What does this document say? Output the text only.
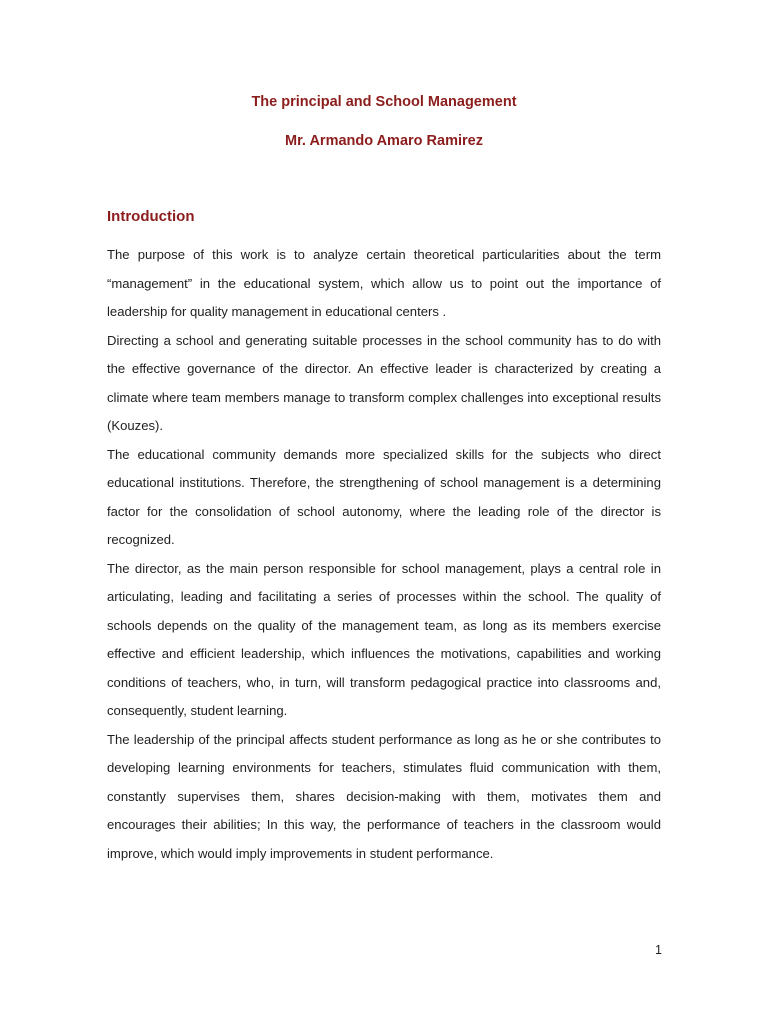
The principal and School Management
Mr. Armando Amaro Ramirez
Introduction

The purpose of this work is to analyze certain theoretical particularities about the term “management” in the educational system, which allow us to point out the importance of leadership for quality management in educational centers .

Directing a school and generating suitable processes in the school community has to do with the effective governance of the director. An effective leader is characterized by creating a climate where team members manage to transform complex challenges into exceptional results (Kouzes).

The educational community demands more specialized skills for the subjects who direct educational institutions. Therefore, the strengthening of school management is a determining factor for the consolidation of school autonomy, where the leading role of the director is recognized.

The director, as the main person responsible for school management, plays a central role in articulating, leading and facilitating a series of processes within the school. The quality of schools depends on the quality of the management team, as long as its members exercise effective and efficient leadership, which influences the motivations, capabilities and working conditions of teachers, who, in turn, will transform pedagogical practice into classrooms and, consequently, student learning.

The leadership of the principal affects student performance as long as he or she contributes to developing learning environments for teachers, stimulates fluid communication with them, constantly supervises them, shares decision-making with them, motivates them and encourages their abilities; In this way, the performance of teachers in the classroom would improve, which would imply improvements in student performance.

1
